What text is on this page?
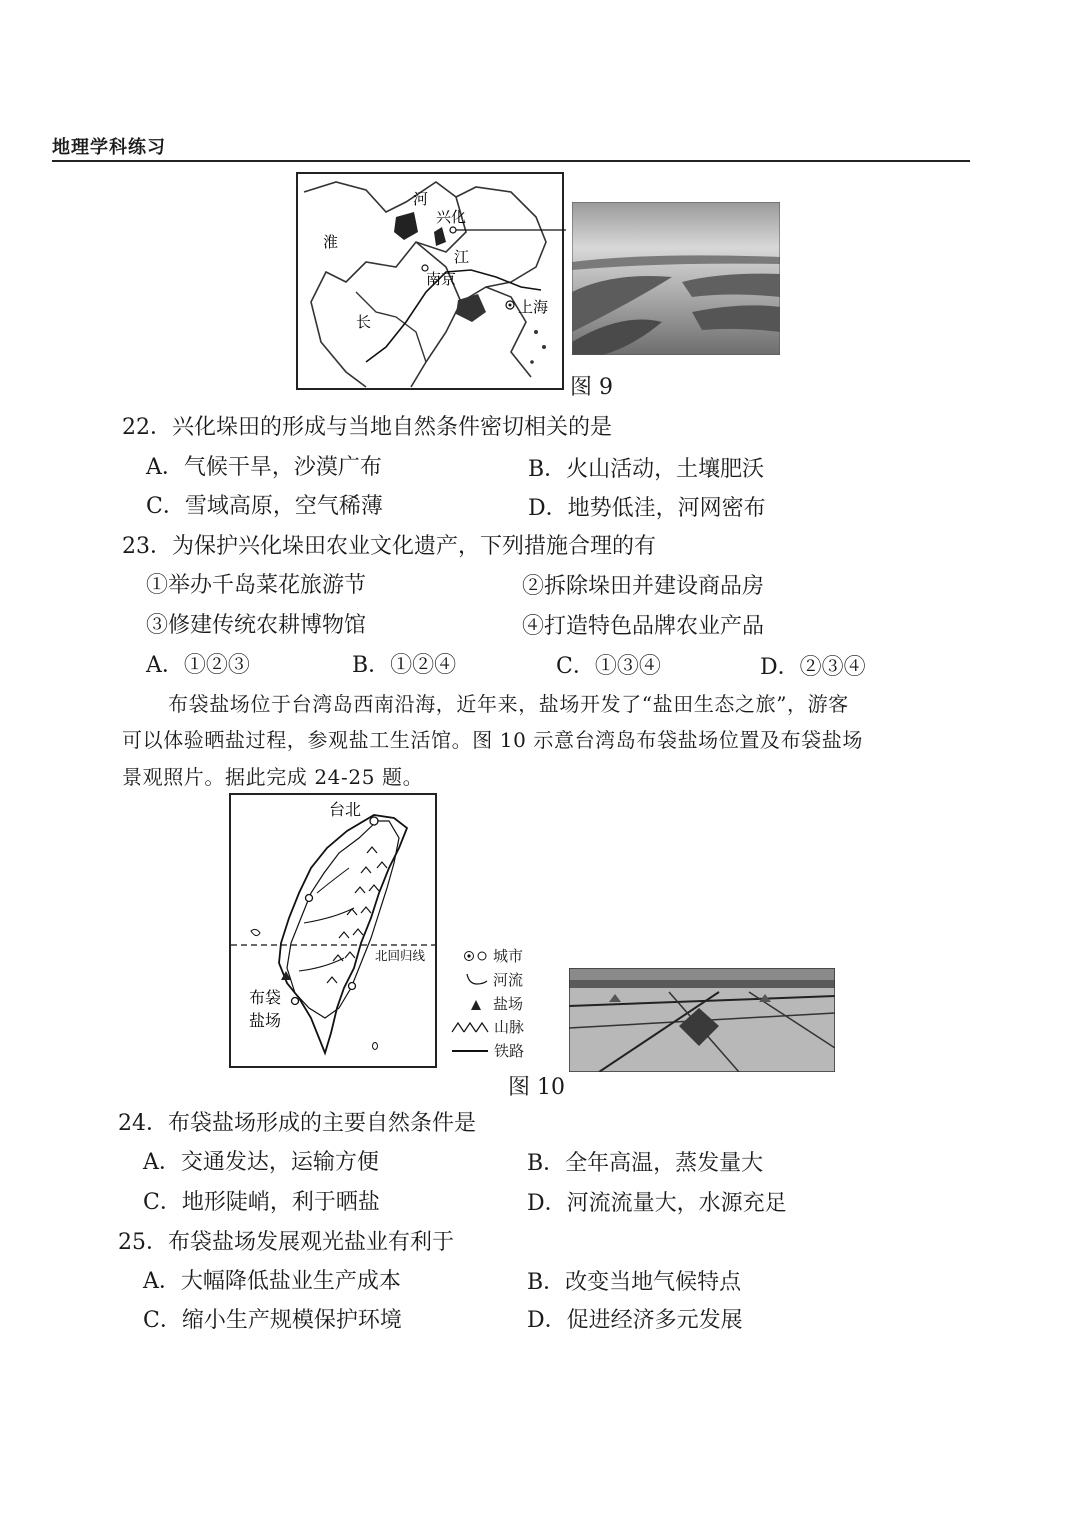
地理学科练习
河
兴化
淮
江
南京
上海
长
图 9
22．兴化垛田的形成与当地自然条件密切相关的是
A．气候干旱，沙漠广布	B．火山活动，土壤肥沃
C．雪域高原，空气稀薄	D．地势低洼，河网密布
23．为保护兴化垛田农业文化遗产，下列措施合理的有
①举办千岛菜花旅游节	②拆除垛田并建设商品房
③修建传统农耕博物馆	④打造特色品牌农业产品
A．①②③	B．①②④	C．①③④	D．②③④
布袋盐场位于台湾岛西南沿海，近年来，盐场开发了“盐田生态之旅”，游客
可以体验晒盐过程，参观盐工生活馆。图 10 示意台湾岛布袋盐场位置及布袋盐场
景观照片。据此完成 24-25 题。
台北
北回归线
布袋
盐场
城市
河流
盐场
山脉
铁路
图 10
24．布袋盐场形成的主要自然条件是
A．交通发达，运输方便	B．全年高温，蒸发量大
C．地形陡峭，利于晒盐	D．河流流量大，水源充足
25．布袋盐场发展观光盐业有利于
A．大幅降低盐业生产成本	B．改变当地气候特点
C．缩小生产规模保护环境	D．促进经济多元发展
